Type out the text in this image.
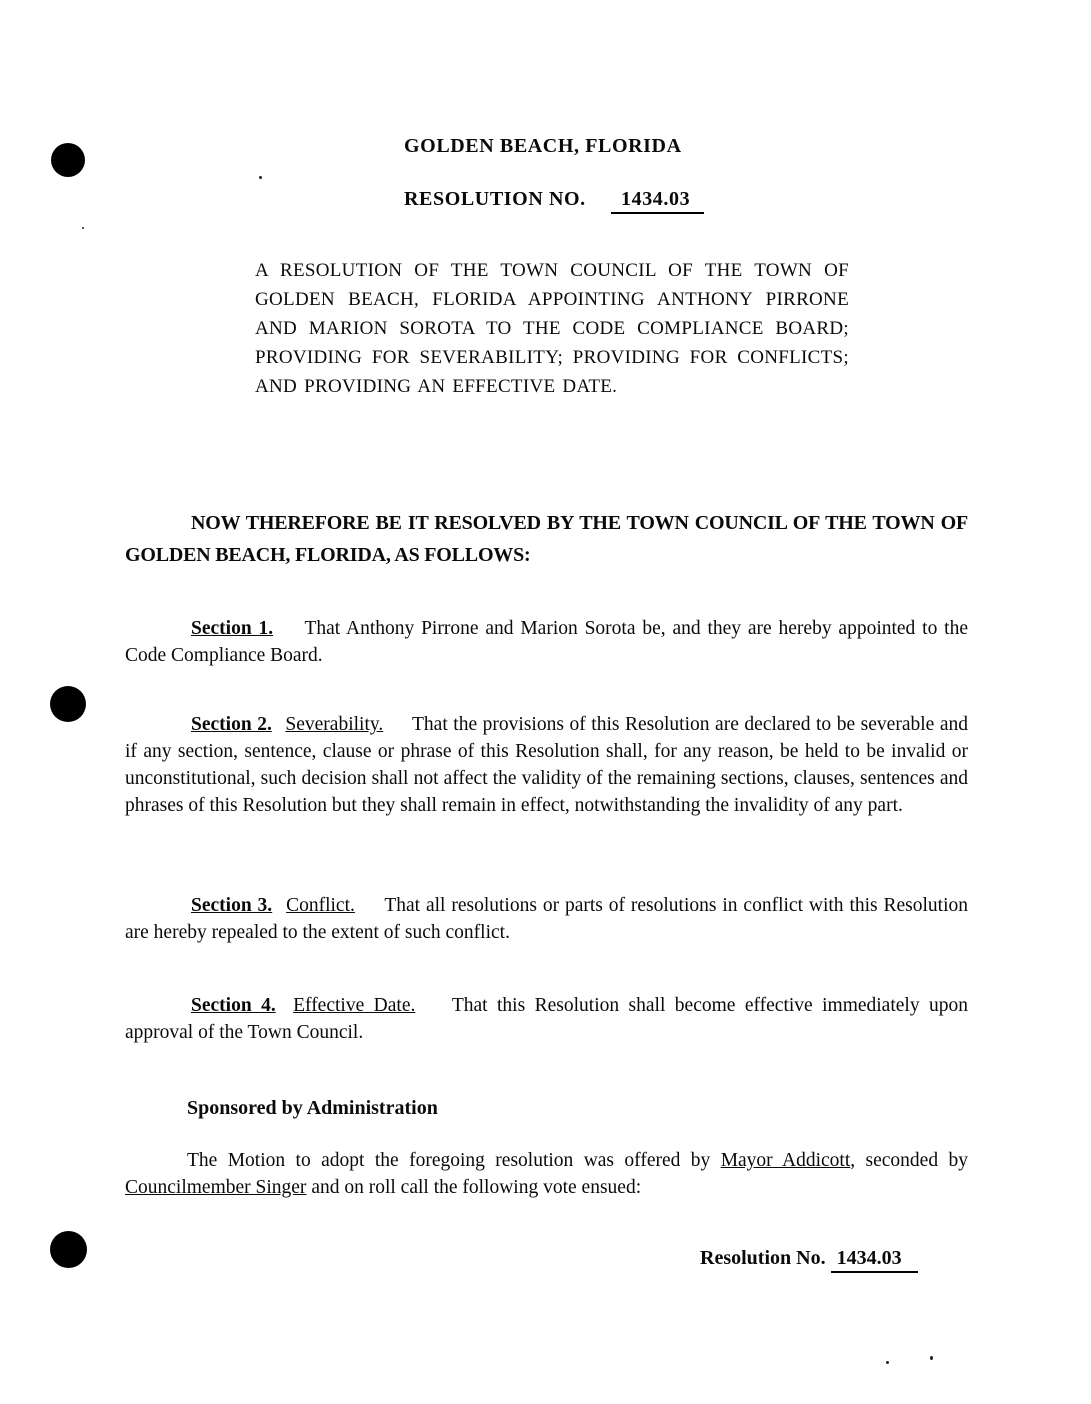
GOLDEN BEACH, FLORIDA
RESOLUTION NO. 1434.03
A RESOLUTION OF THE TOWN COUNCIL OF THE TOWN OF GOLDEN BEACH, FLORIDA APPOINTING ANTHONY PIRRONE AND MARION SOROTA TO THE CODE COMPLIANCE BOARD; PROVIDING FOR SEVERABILITY; PROVIDING FOR CONFLICTS; AND PROVIDING AN EFFECTIVE DATE.
NOW THEREFORE BE IT RESOLVED BY THE TOWN COUNCIL OF THE TOWN OF GOLDEN BEACH, FLORIDA, AS FOLLOWS:

Section 1. That Anthony Pirrone and Marion Sorota be, and they are hereby appointed to the Code Compliance Board.

Section 2. Severability. That the provisions of this Resolution are declared to be severable and if any section, sentence, clause or phrase of this Resolution shall, for any reason, be held to be invalid or unconstitutional, such decision shall not affect the validity of the remaining sections, clauses, sentences and phrases of this Resolution but they shall remain in effect, notwithstanding the invalidity of any part.

Section 3. Conflict. That all resolutions or parts of resolutions in conflict with this Resolution are hereby repealed to the extent of such conflict.

Section 4. Effective Date. That this Resolution shall become effective immediately upon approval of the Town Council.

Sponsored by Administration

The Motion to adopt the foregoing resolution was offered by Mayor Addicott, seconded by Councilmember Singer and on roll call the following vote ensued:

Resolution No. 1434.03
